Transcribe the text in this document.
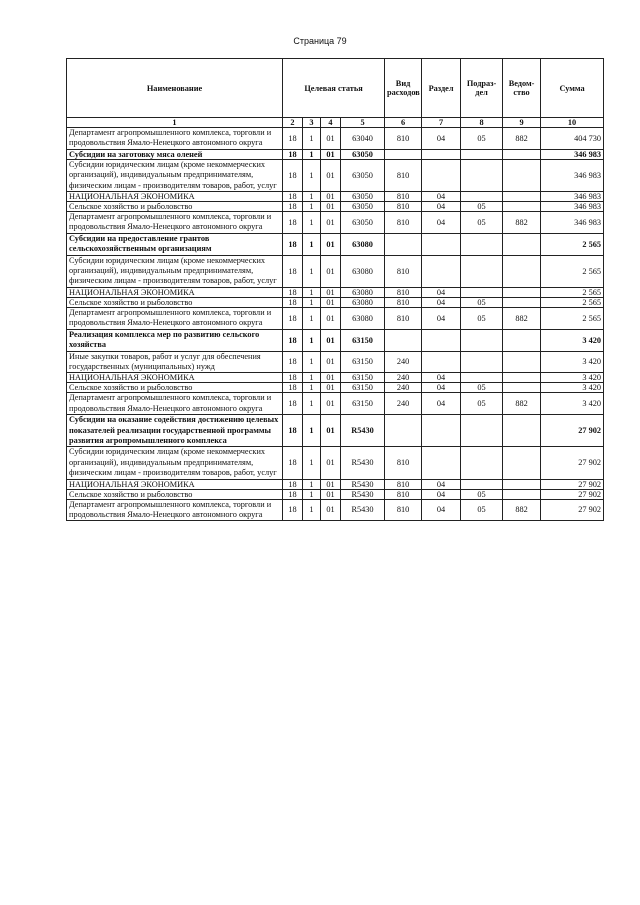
Страница 79
Наименование	Целевая статья				Вид расходов	Раздел	Подраз-дел	Ведом-ство	Сумма
1	2	3	4	5	6	7	8	9	10
Департамент агропромышленного комплекса, торговли и продовольствия Ямало-Ненецкого автономного округа	18	1	01	63040	810	04	05	882	404 730
Субсидии на заготовку мяса оленей	18	1	01	63050					346 983
Субсидии юридическим лицам (кроме некоммерческих организаций), индивидуальным предпринимателям, физическим лицам - производителям товаров, работ, услуг	18	1	01	63050	810				346 983
НАЦИОНАЛЬНАЯ ЭКОНОМИКА	18	1	01	63050	810	04			346 983
Сельское хозяйство и рыболовство	18	1	01	63050	810	04	05		346 983
Департамент агропромышленного комплекса, торговли и продовольствия Ямало-Ненецкого автономного округа	18	1	01	63050	810	04	05	882	346 983
Субсидии на предоставление грантов сельскохозяйственным организациям	18	1	01	63080					2 565
Субсидии юридическим лицам (кроме некоммерческих организаций), индивидуальным предпринимателям, физическим лицам - производителям товаров, работ, услуг	18	1	01	63080	810				2 565
НАЦИОНАЛЬНАЯ ЭКОНОМИКА	18	1	01	63080	810	04			2 565
Сельское хозяйство и рыболовство	18	1	01	63080	810	04	05		2 565
Департамент агропромышленного комплекса, торговли и продовольствия Ямало-Ненецкого автономного округа	18	1	01	63080	810	04	05	882	2 565
Реализация комплекса мер по развитию сельского хозяйства	18	1	01	63150					3 420
Иные закупки товаров, работ и услуг для обеспечения государственных (муниципальных) нужд	18	1	01	63150	240				3 420
НАЦИОНАЛЬНАЯ ЭКОНОМИКА	18	1	01	63150	240	04			3 420
Сельское хозяйство и рыболовство	18	1	01	63150	240	04	05		3 420
Департамент агропромышленного комплекса, торговли и продовольствия Ямало-Ненецкого автономного округа	18	1	01	63150	240	04	05	882	3 420
Субсидии на оказание содействия достижению целевых показателей реализации государственной программы развития агропромышленного комплекса	18	1	01	R5430					27 902
Субсидии юридическим лицам (кроме некоммерческих организаций), индивидуальным предпринимателям, физическим лицам - производителям товаров, работ, услуг	18	1	01	R5430	810				27 902
НАЦИОНАЛЬНАЯ ЭКОНОМИКА	18	1	01	R5430	810	04			27 902
Сельское хозяйство и рыболовство	18	1	01	R5430	810	04	05		27 902
Департамент агропромышленного комплекса, торговли и продовольствия Ямало-Ненецкого автономного округа	18	1	01	R5430	810	04	05	882	27 902
